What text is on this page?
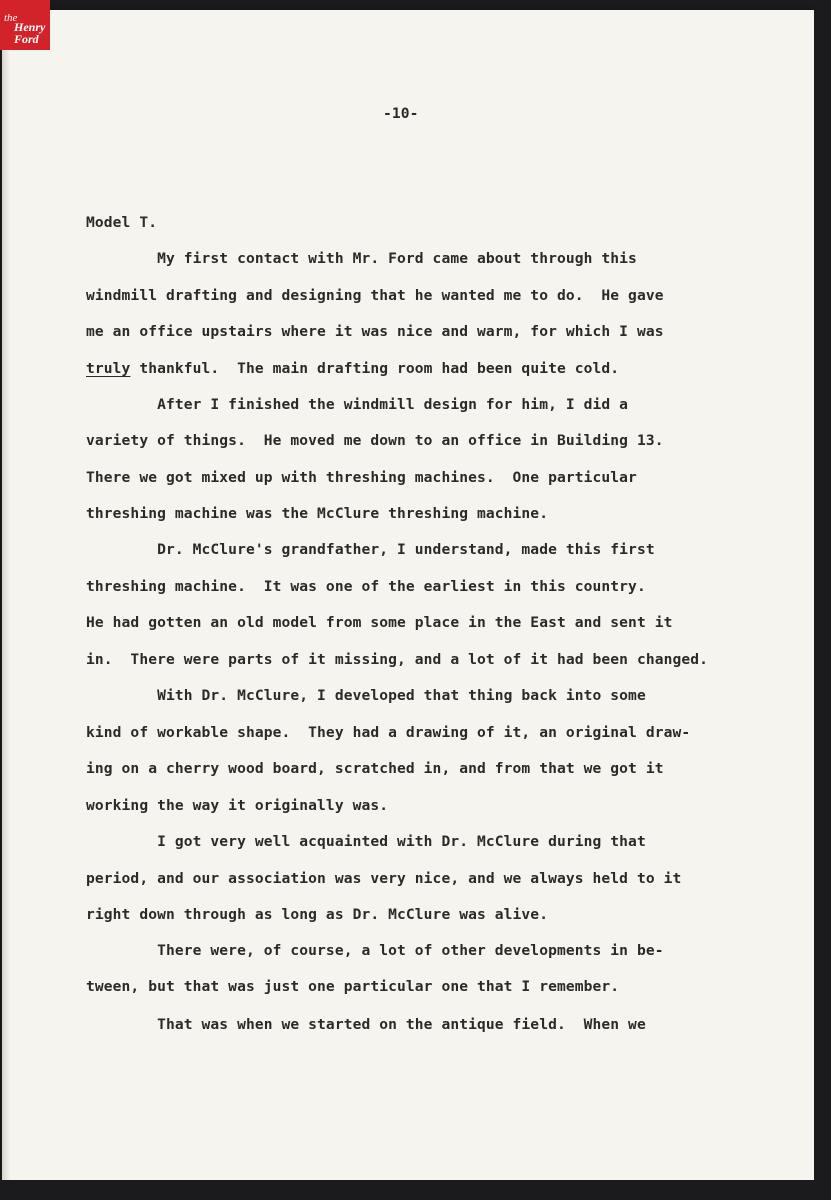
-10-
Model T.
My first contact with Mr. Ford came about through this
windmill drafting and designing that he wanted me to do.  He gave
me an office upstairs where it was nice and warm, for which I was
truly thankful.  The main drafting room had been quite cold.
After I finished the windmill design for him, I did a
variety of things.  He moved me down to an office in Building 13.
There we got mixed up with threshing machines.  One particular
threshing machine was the McClure threshing machine.
Dr. McClure's grandfather, I understand, made this first
threshing machine.  It was one of the earliest in this country.
He had gotten an old model from some place in the East and sent it
in.  There were parts of it missing, and a lot of it had been changed.
With Dr. McClure, I developed that thing back into some
kind of workable shape.  They had a drawing of it, an original draw-
ing on a cherry wood board, scratched in, and from that we got it
working the way it originally was.
I got very well acquainted with Dr. McClure during that
period, and our association was very nice, and we always held to it
right down through as long as Dr. McClure was alive.
There were, of course, a lot of other developments in be-
tween, but that was just one particular one that I remember.
That was when we started on the antique field.  When we
the
Henry
Ford
